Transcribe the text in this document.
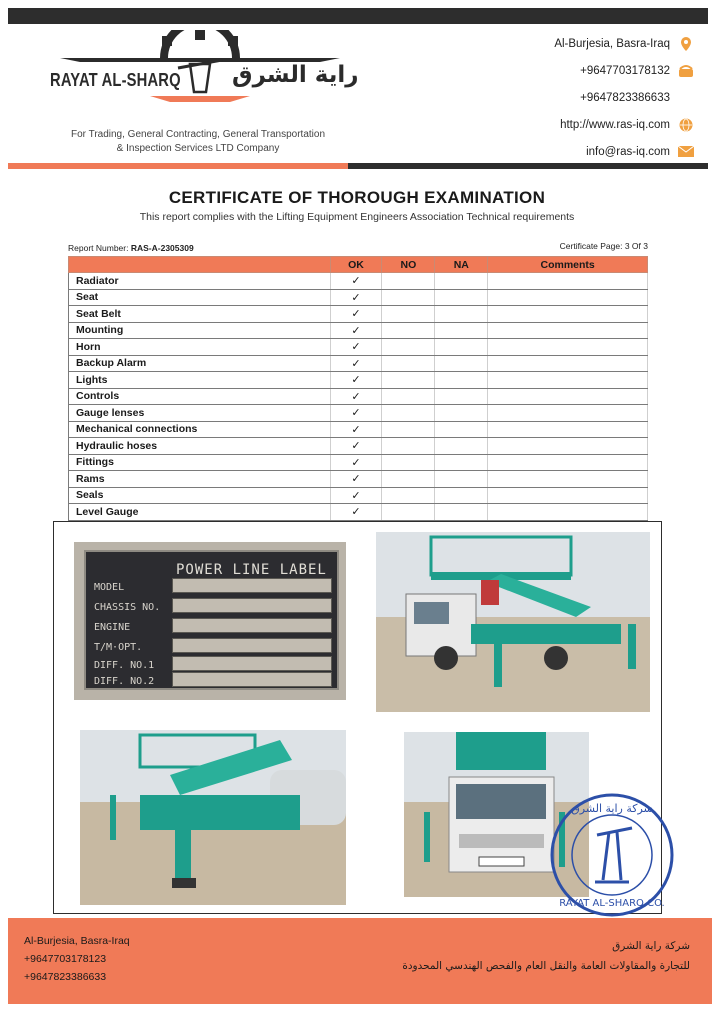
RAYAT AL-SHARQ راية الشرق
For Trading, General Contracting, General Transportation
& Inspection Services LTD Company
Al-Burjesia, Basra-Iraq
+9647703178132
+9647823386633
http://www.ras-iq.com
info@ras-iq.com
CERTIFICATE OF THOROUGH EXAMINATION
This report complies with the Lifting Equipment Engineers Association Technical requirements
Report Number: RAS-A-2305309	Certificate Page: 3 Of 3
	OK	NO	NA	Comments
Radiator	✓			
Seat	✓			
Seat Belt	✓			
Mounting	✓			
Horn	✓			
Backup Alarm	✓			
Lights	✓			
Controls	✓			
Gauge lenses	✓			
Mechanical connections	✓			
Hydraulic hoses	✓			
Fittings	✓			
Rams	✓			
Seals	✓			
Level Gauge	✓			
POWER LINE LABEL
MODEL
CHASSIS NO.
ENGINE
T/M·OPT.
DIFF. NO.1
DIFF. NO.2
شركة راية الشرق
RAYAT AL-SHARQ CO.
Al-Burjesia, Basra-Iraq
+9647703178123
+9647823386633
شركة راية الشرق
للتجارة والمقاولات العامة والنقل العام والفحص الهندسي المحدودة
